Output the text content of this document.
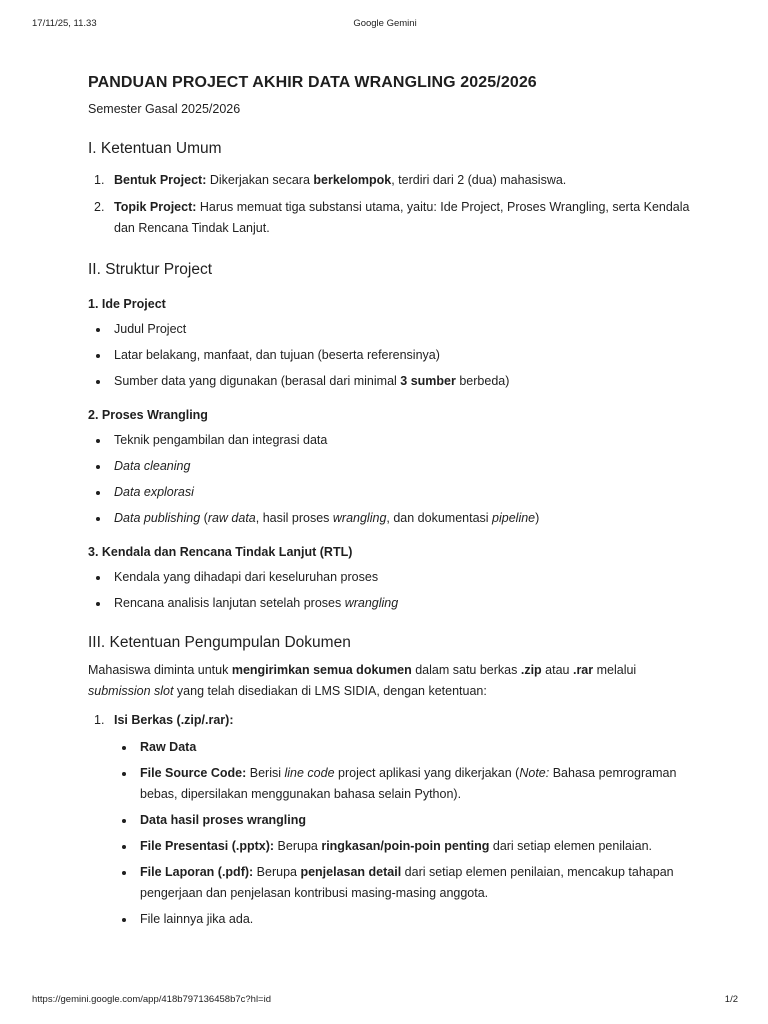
17/11/25, 11.33	Google Gemini
PANDUAN PROJECT AKHIR DATA WRANGLING 2025/2026

Semester Gasal 2025/2026

I. Ketentuan Umum
1. Bentuk Project: Dikerjakan secara berkelompok, terdiri dari 2 (dua) mahasiswa.
2. Topik Project: Harus memuat tiga substansi utama, yaitu: Ide Project, Proses Wrangling, serta Kendala dan Rencana Tindak Lanjut.
II. Struktur Project
1. Ide Project
Judul Project
Latar belakang, manfaat, dan tujuan (beserta referensinya)
Sumber data yang digunakan (berasal dari minimal 3 sumber berbeda)
2. Proses Wrangling
Teknik pengambilan dan integrasi data
Data cleaning
Data explorasi
Data publishing (raw data, hasil proses wrangling, dan dokumentasi pipeline)
3. Kendala dan Rencana Tindak Lanjut (RTL)
Kendala yang dihadapi dari keseluruhan proses
Rencana analisis lanjutan setelah proses wrangling
III. Ketentuan Pengumpulan Dokumen

Mahasiswa diminta untuk mengirimkan semua dokumen dalam satu berkas .zip atau .rar melalui submission slot yang telah disediakan di LMS SIDIA, dengan ketentuan:

1. Isi Berkas (.zip/.rar):
Raw Data
File Source Code: Berisi line code project aplikasi yang dikerjakan (Note: Bahasa pemrograman bebas, dipersilakan menggunakan bahasa selain Python).
Data hasil proses wrangling
File Presentasi (.pptx): Berupa ringkasan/poin-poin penting dari setiap elemen penilaian.
File Laporan (.pdf): Berupa penjelasan detail dari setiap elemen penilaian, mencakup tahapan pengerjaan dan penjelasan kontribusi masing-masing anggota.
File lainnya jika ada.
https://gemini.google.com/app/418b797136458b7c?hl=id	1/2
